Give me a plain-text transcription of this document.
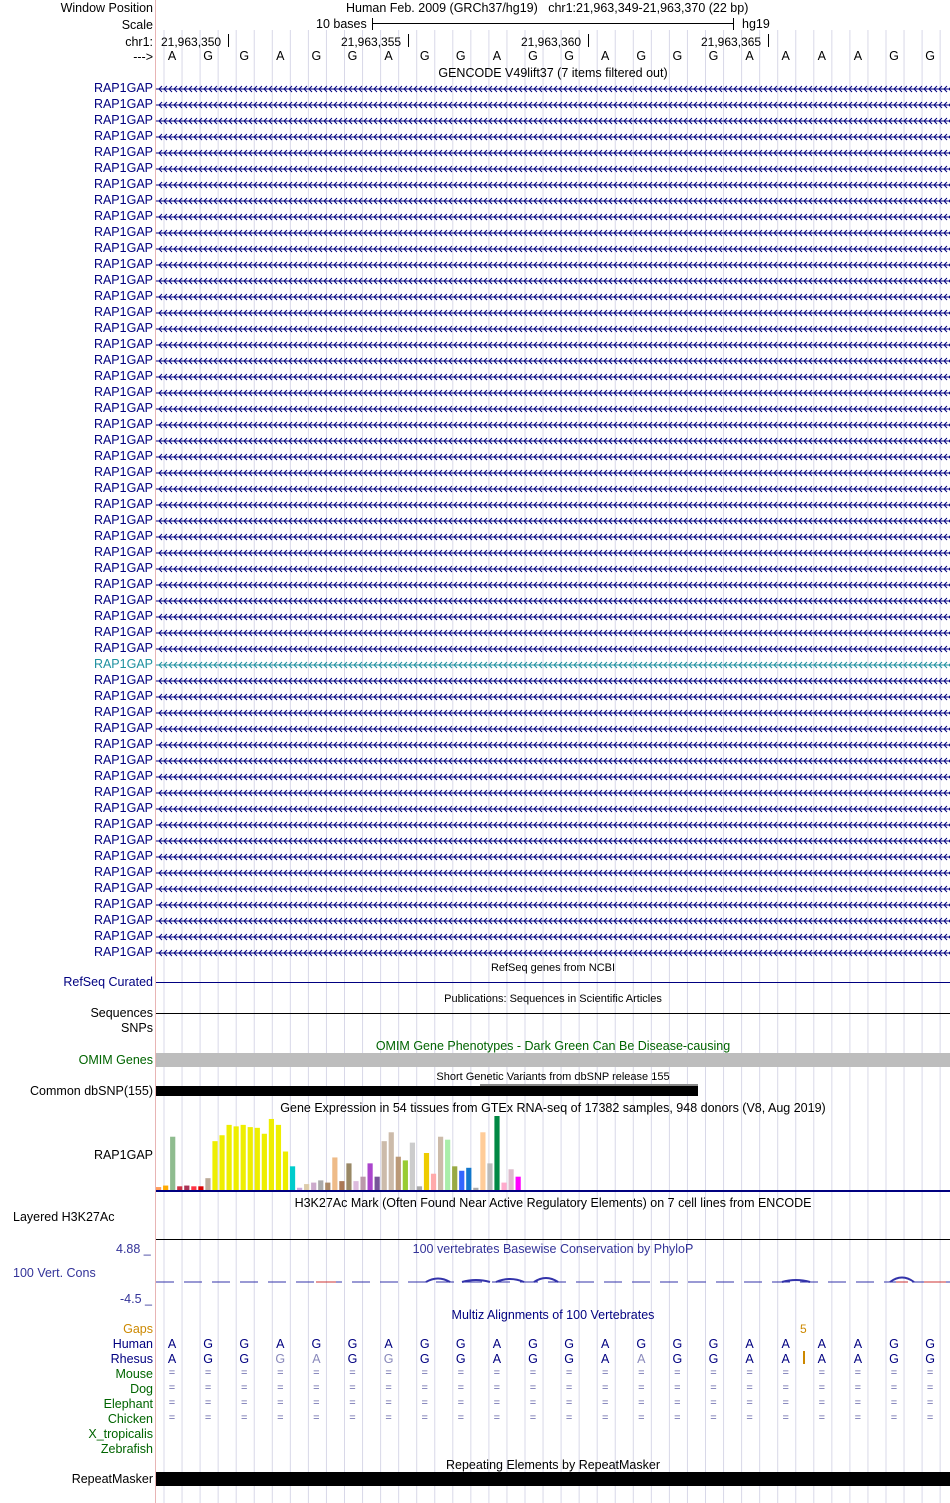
Window Position	Human Feb. 2009 (GRCh37/hg19) chr1:21,963,349-21,963,370 (22 bp)
Scale	10 bases	hg19
chr1: 21,963,350	21,963,355	21,963,360	21,963,365
--->	A	G	G	A	G	G	A	G	G	A	G	G	A	G	G	G	A	A	A	A	G	G
GENCODE V49lift37 (7 items filtered out)
RAP1GAP
RAP1GAP
RAP1GAP
RAP1GAP
RAP1GAP
RAP1GAP
RAP1GAP
RAP1GAP
RAP1GAP
RAP1GAP
RAP1GAP
RAP1GAP
RAP1GAP
RAP1GAP
RAP1GAP
RAP1GAP
RAP1GAP
RAP1GAP
RAP1GAP
RAP1GAP
RAP1GAP
RAP1GAP
RAP1GAP
RAP1GAP
RAP1GAP
RAP1GAP
RAP1GAP
RAP1GAP
RAP1GAP
RAP1GAP
RAP1GAP
RAP1GAP
RAP1GAP
RAP1GAP
RAP1GAP
RAP1GAP
RAP1GAP
RAP1GAP
RAP1GAP
RAP1GAP
RAP1GAP
RAP1GAP
RAP1GAP
RAP1GAP
RAP1GAP
RAP1GAP
RAP1GAP
RAP1GAP
RAP1GAP
RAP1GAP
RAP1GAP
RAP1GAP
RAP1GAP
RAP1GAP
RAP1GAP
RefSeq genes from NCBI
RefSeq Curated
Publications: Sequences in Scientific Articles
Sequences
SNPs
OMIM Gene Phenotypes - Dark Green Can Be Disease-causing
OMIM Genes
Short Genetic Variants from dbSNP release 155
Common dbSNP(155)
Gene Expression in 54 tissues from GTEx RNA-seq of 17382 samples, 948 donors (V8, Aug 2019)
RAP1GAP
H3K27Ac Mark (Often Found Near Active Regulatory Elements) on 7 cell lines from ENCODE
Layered H3K27Ac
100 vertebrates Basewise Conservation by PhyloP
4.88 _
100 Vert. Cons
-4.5 _
Multiz Alignments of 100 Vertebrates
Gaps	5
Human	A	G	G	A	G	G	A	G	G	A	G	G	A	G	G	G	A	A	A	A	G	G
Rhesus	A	G	G	G	A	G	G	G	G	A	G	G	A	A	G	G	A	A	A	A	G	G
Mouse	=	=	=	=	=	=	=	=	=	=	=	=	=	=	=	=	=	=	=	=	=	=
Dog	=	=	=	=	=	=	=	=	=	=	=	=	=	=	=	=	=	=	=	=	=	=
Elephant	=	=	=	=	=	=	=	=	=	=	=	=	=	=	=	=	=	=	=	=	=	=
Chicken	=	=	=	=	=	=	=	=	=	=	=	=	=	=	=	=	=	=	=	=	=	=
X_tropicalis
Zebrafish
Repeating Elements by RepeatMasker
RepeatMasker
